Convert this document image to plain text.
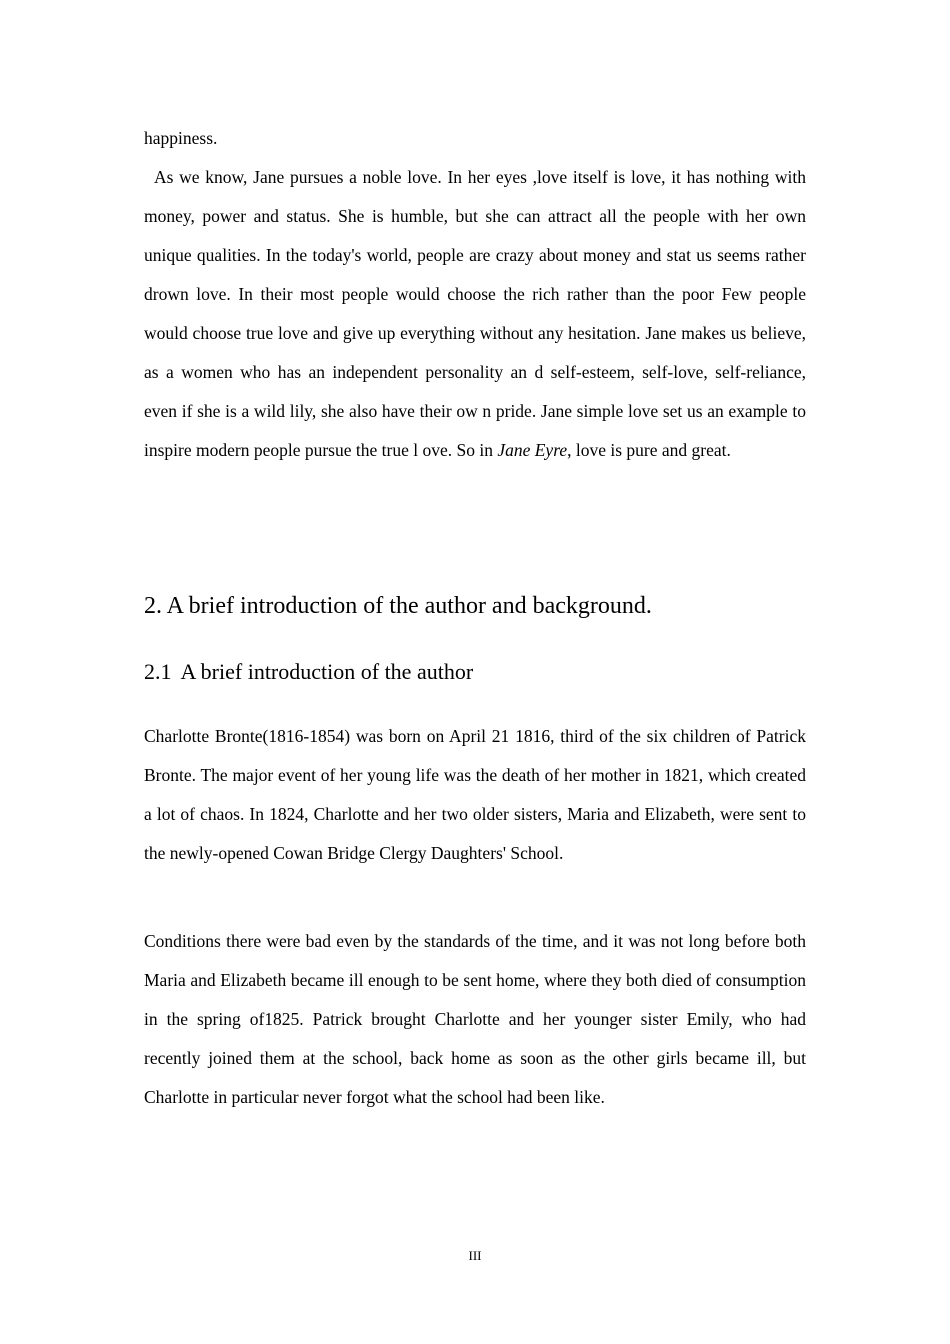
happiness.

As we know, Jane pursues a noble love. In her eyes ,love itself is love, it has nothing with money, power and status. She is humble, but she can attract all the people with her own unique qualities. In the today's world, people are crazy about money and stat us seems rather drown love. In their most people would choose the rich rather than the poor Few people would choose true love and give up everything without any hesitation. Jane makes us believe, as a women who has an independent personality an d self-esteem, self-love, self-reliance, even if she is a wild lily, she also have their ow n pride. Jane simple love set us an example to inspire modern people pursue the true l ove. So in Jane Eyre, love is pure and great.

2. A brief introduction of the author and background.
2.1 A brief introduction of the author

Charlotte Bronte(1816-1854) was born on April 21 1816, third of the six children of Patrick Bronte. The major event of her young life was the death of her mother in 1821, which created a lot of chaos. In 1824, Charlotte and her two older sisters, Maria and Elizabeth, were sent to the newly-opened Cowan Bridge Clergy Daughters' School.

Conditions there were bad even by the standards of the time, and it was not long before both Maria and Elizabeth became ill enough to be sent home, where they both died of consumption in the spring of1825. Patrick brought Charlotte and her younger sister Emily, who had recently joined them at the school, back home as soon as the other girls became ill, but Charlotte in particular never forgot what the school had been like.

III
